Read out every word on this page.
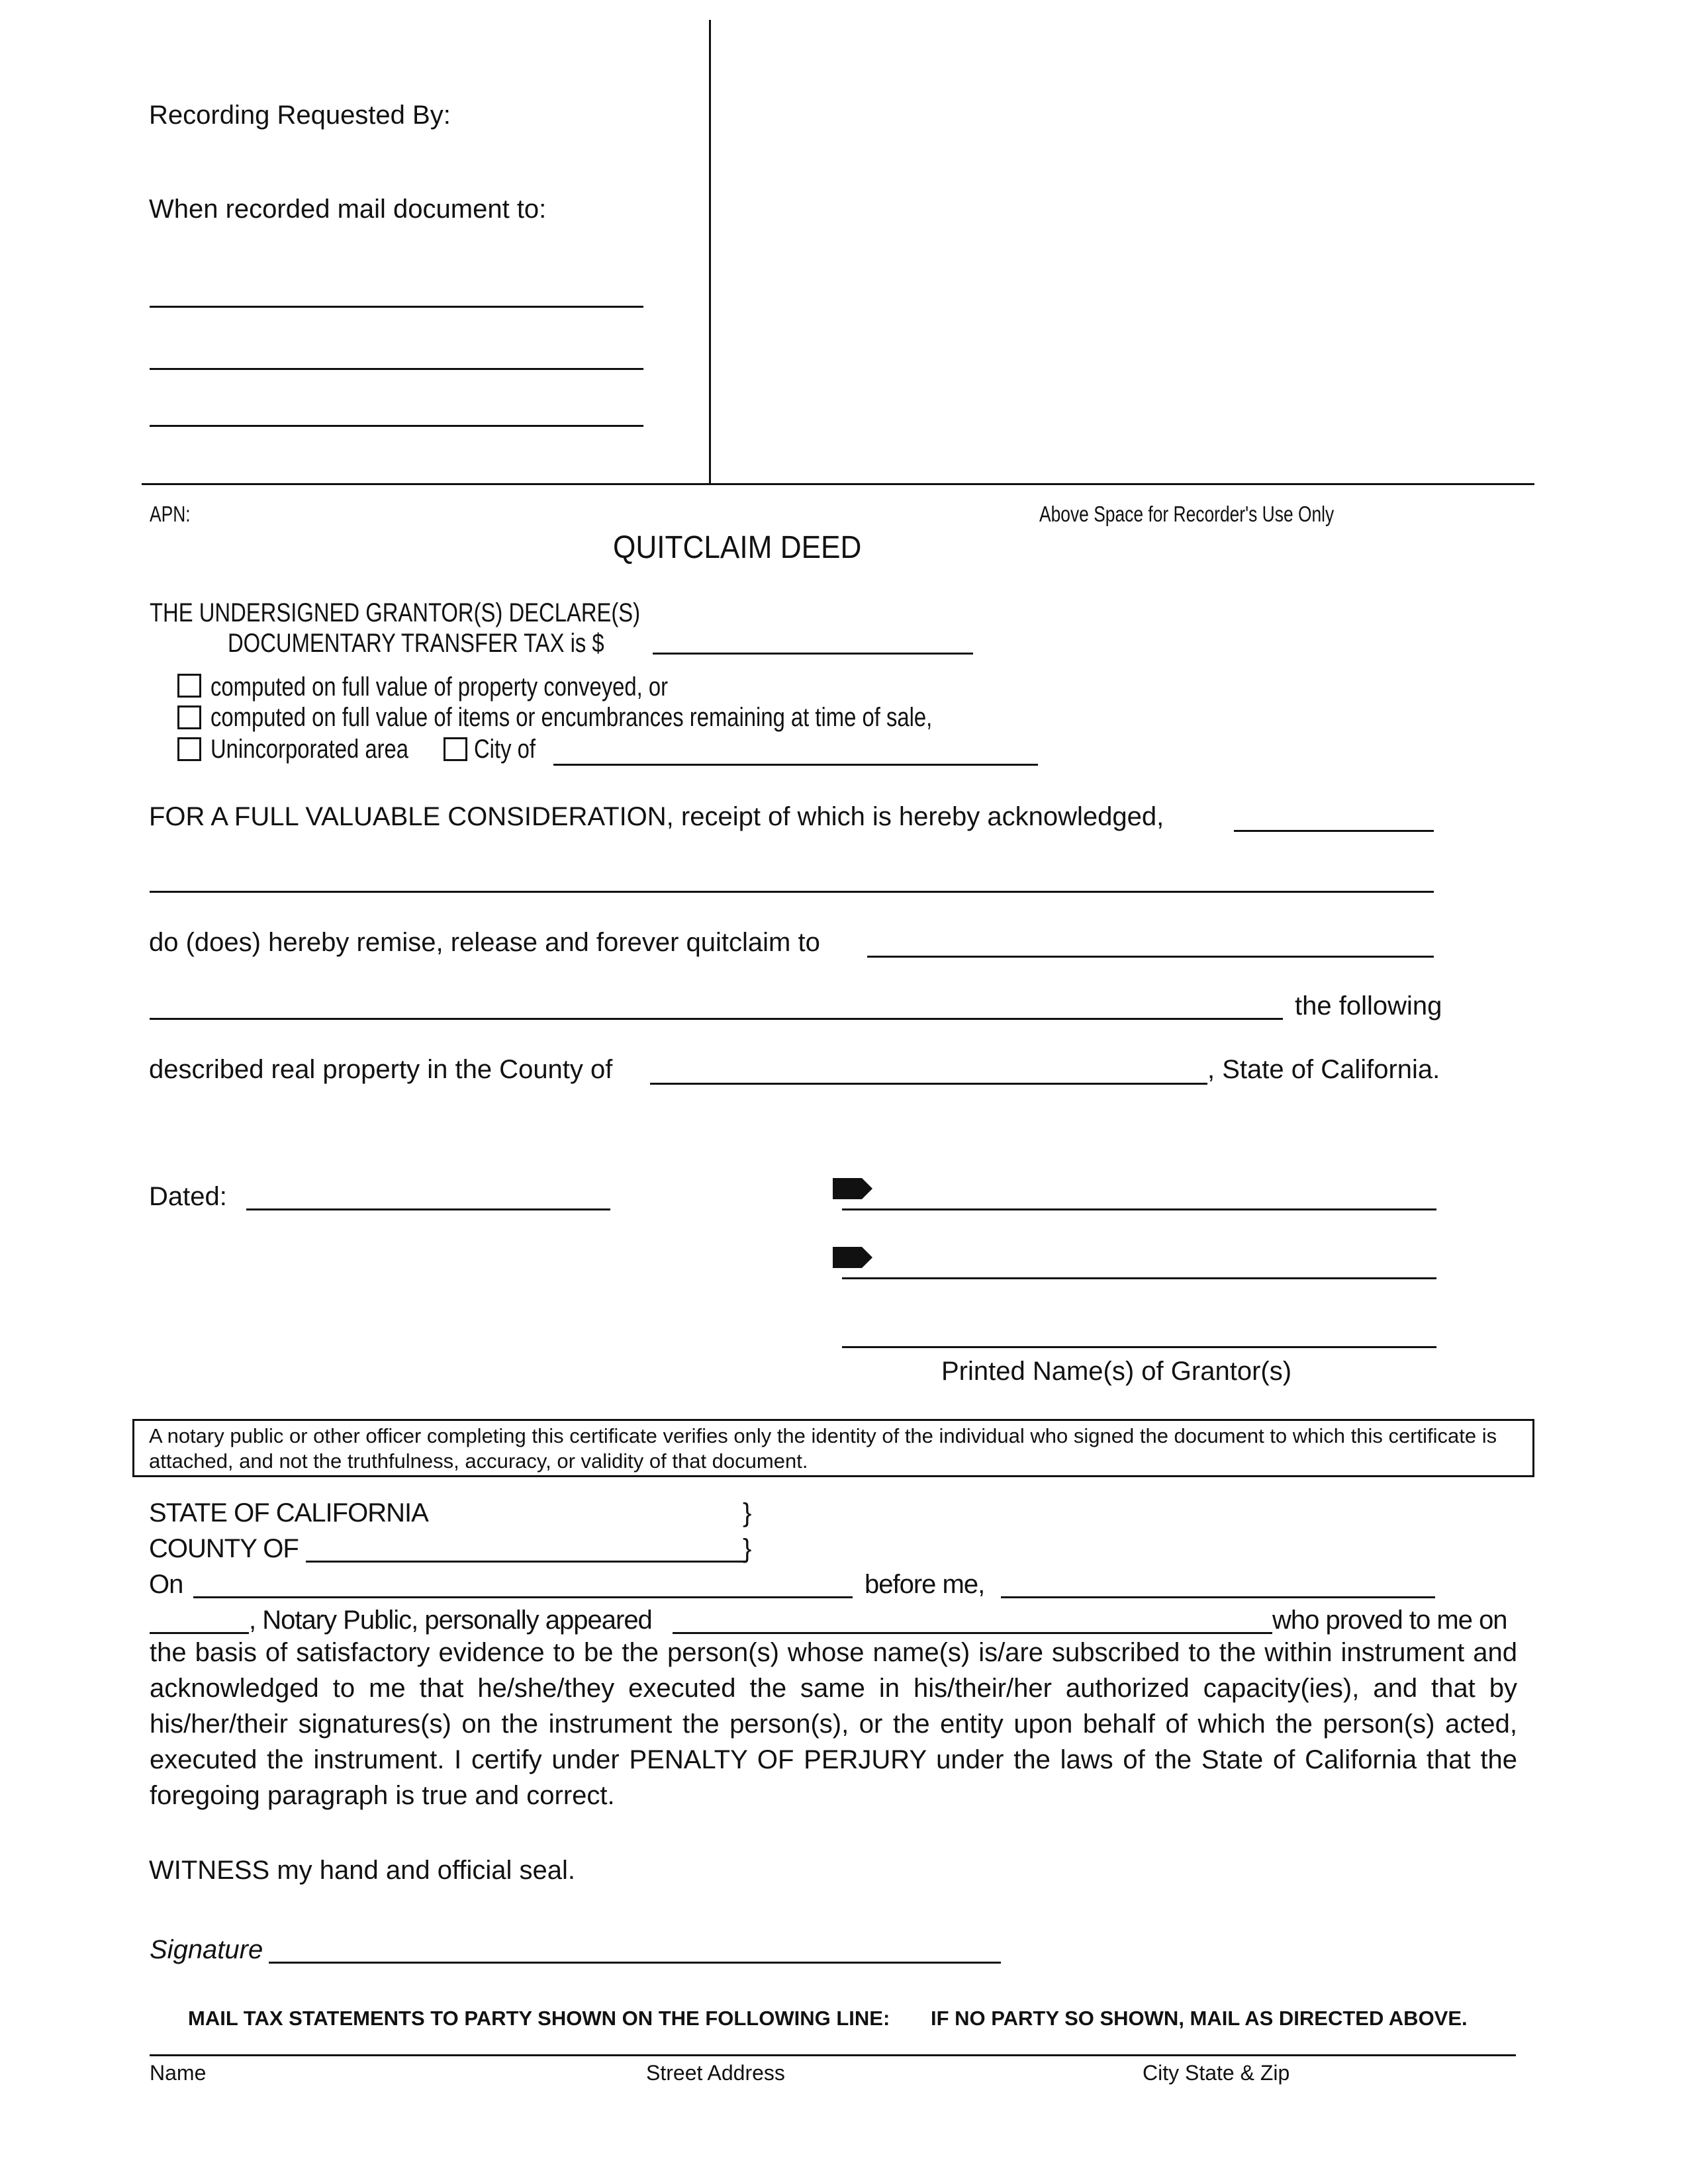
Recording Requested By:
When recorded mail document to:
APN:	Above Space for Recorder's Use Only
QUITCLAIM DEED
THE UNDERSIGNED GRANTOR(S) DECLARE(S)
DOCUMENTARY TRANSFER TAX is $
computed on full value of property conveyed, or
computed on full value of items or encumbrances remaining at time of sale,
Unincorporated area City of
FOR A FULL VALUABLE CONSIDERATION, receipt of which is hereby acknowledged,
do (does) hereby remise, release and forever quitclaim to
the following
described real property in the County of	, State of California.
Dated:
Printed Name(s) of Grantor(s)
A notary public or other officer completing this certificate verifies only the identity of the individual who signed the document to which this certificate is attached, and not the truthfulness, accuracy, or validity of that document.
STATE OF CALIFORNIA	}
COUNTY OF	}
On	before me,
, Notary Public, personally appeared	who proved to me on
the basis of satisfactory evidence to be the person(s) whose name(s) is/are subscribed to the within instrument and acknowledged to me that he/she/they executed the same in his/their/her authorized capacity(ies), and that by his/her/their signatures(s) on the instrument the person(s), or the entity upon behalf of which the person(s) acted, executed the instrument. I certify under PENALTY OF PERJURY under the laws of the State of California that the foregoing paragraph is true and correct.
WITNESS my hand and official seal.
Signature
MAIL TAX STATEMENTS TO PARTY SHOWN ON THE FOLLOWING LINE: IF NO PARTY SO SHOWN, MAIL AS DIRECTED ABOVE.
Name	Street Address	City State & Zip
